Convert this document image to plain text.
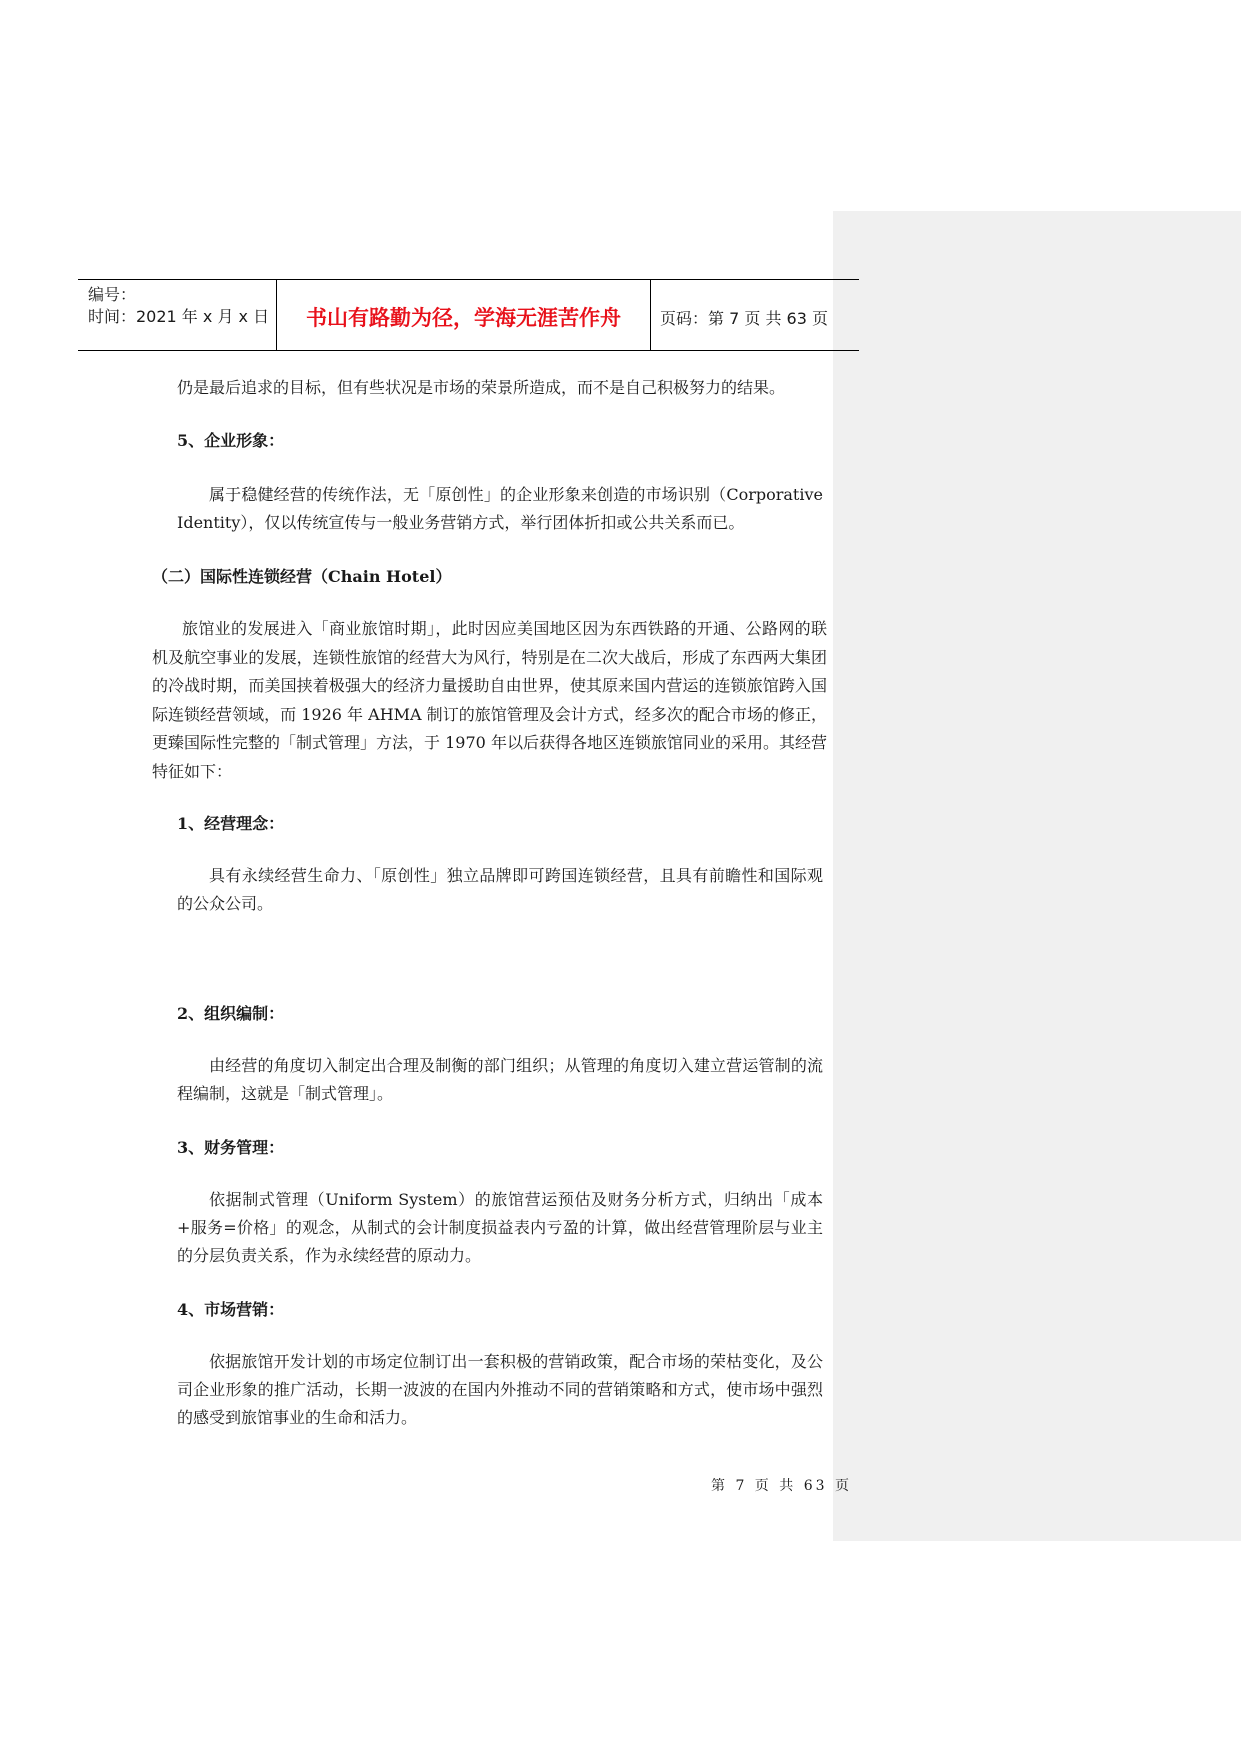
编号：
时间：2021 年 x 月 x 日	书山有路勤为径，学海无涯苦作舟	页码：第 7 页 共 63 页
仍是最后追求的目标，但有些状况是市场的荣景所造成，而不是自己积极努力的结果。
5、企业形象：
属于稳健经营的传统作法，无「原创性」的企业形象来创造的市场识别（Corporative Identity），仅以传统宣传与一般业务营销方式，举行团体折扣或公共关系而已。
（二）国际性连锁经营（Chain Hotel）
旅馆业的发展进入「商业旅馆时期」，此时因应美国地区因为东西铁路的开通、公路网的联机及航空事业的发展，连锁性旅馆的经营大为风行，特别是在二次大战后，形成了东西两大集团的冷战时期，而美国挟着极强大的经济力量援助自由世界，使其原来国内营运的连锁旅馆跨入国际连锁经营领域，而 1926 年 AHMA 制订的旅馆管理及会计方式，经多次的配合市场的修正，更臻国际性完整的「制式管理」方法，于 1970 年以后获得各地区连锁旅馆同业的采用。其经营特征如下：
1、经营理念：
具有永续经营生命力、「原创性」独立品牌即可跨国连锁经营，且具有前瞻性和国际观的公众公司。
2、组织编制：
由经营的角度切入制定出合理及制衡的部门组织；从管理的角度切入建立营运管制的流程编制，这就是「制式管理」。
3、财务管理：
依据制式管理（Uniform System）的旅馆营运预估及财务分析方式，归纳出「成本+服务=价格」的观念，从制式的会计制度损益表内亏盈的计算，做出经营管理阶层与业主的分层负责关系，作为永续经营的原动力。
4、市场营销：
依据旅馆开发计划的市场定位制订出一套积极的营销政策，配合市场的荣枯变化，及公司企业形象的推广活动，长期一波波的在国内外推动不同的营销策略和方式，使市场中强烈的感受到旅馆事业的生命和活力。
第 7 页 共 63 页
